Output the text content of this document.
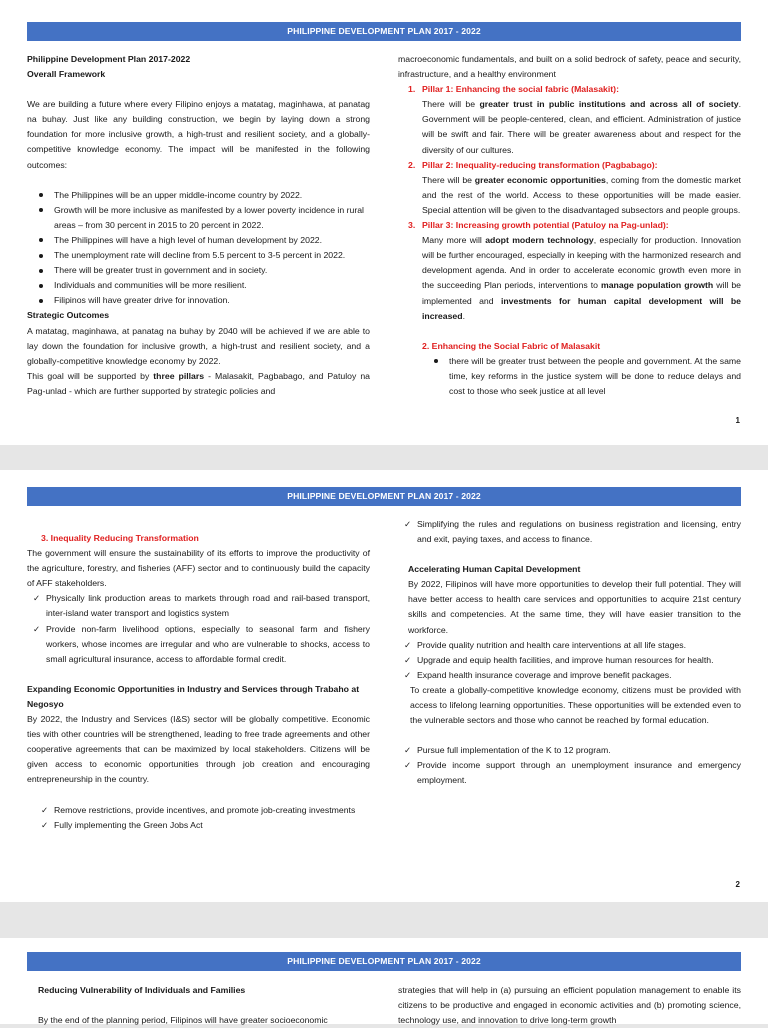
PHILIPPINE DEVELOPMENT PLAN 2017 - 2022

Philippine Development Plan 2017-2022

Overall Framework

We are building a future where every Filipino enjoys a matatag, maginhawa, at panatag na buhay. Just like any building construction, we begin by laying down a strong foundation for more inclusive growth, a high-trust and resilient society, and a globally-competitive knowledge economy. The impact will be manifested in the following outcomes:

The Philippines will be an upper middle-income country by 2022.
Growth will be more inclusive as manifested by a lower poverty incidence in rural areas – from 30 percent in 2015 to 20 percent in 2022.
The Philippines will have a high level of human development by 2022.
The unemployment rate will decline from 5.5 percent to 3-5 percent in 2022.
There will be greater trust in government and in society.
Individuals and communities will be more resilient.
Filipinos will have greater drive for innovation.

Strategic Outcomes

A matatag, maginhawa, at panatag na buhay by 2040 will be achieved if we are able to lay down the foundation for inclusive growth, a high-trust and resilient society, and a globally-competitive knowledge economy by 2022.

This goal will be supported by three pillars - Malasakit, Pagbabago, and Patuloy na Pag-unlad - which are further supported by strategic policies and

macroeconomic fundamentals, and built on a solid bedrock of safety, peace and security, infrastructure, and a healthy environment

1. Pillar 1: Enhancing the social fabric (Malasakit):

There will be greater trust in public institutions and across all of society. Government will be people-centered, clean, and efficient. Administration of justice will be swift and fair. There will be greater awareness about and respect for the diversity of our cultures.

2. Pillar 2: Inequality-reducing transformation (Pagbabago):

There will be greater economic opportunities, coming from the domestic market and the rest of the world. Access to these opportunities will be made easier. Special attention will be given to the disadvantaged subsectors and people groups.

3. Pillar 3: Increasing growth potential (Patuloy na Pag-unlad):

Many more will adopt modern technology, especially for production. Innovation will be further encouraged, especially in keeping with the harmonized research and development agenda. And in order to accelerate economic growth even more in the succeeding Plan periods, interventions to manage population growth will be implemented and investments for human capital development will be increased.

2. Enhancing the Social Fabric of Malasakit

there will be greater trust between the people and government. At the same time, key reforms in the justice system will be done to reduce delays and cost to those who seek justice at all level
1
PHILIPPINE DEVELOPMENT PLAN 2017 - 2022

3. Inequality Reducing Transformation

The government will ensure the sustainability of its efforts to improve the productivity of the agriculture, forestry, and fisheries (AFF) sector and to continuously build the capacity of AFF stakeholders.

✓ Physically link production areas to markets through road and rail-based transport, inter-island water transport and logistics system
✓ Provide non-farm livelihood options, especially to seasonal farm and fishery workers, whose incomes are irregular and who are vulnerable to shocks, access to small agricultural insurance, access to affordable formal credit.

Expanding Economic Opportunities in Industry and Services through Trabaho at Negosyo

By 2022, the Industry and Services (I&S) sector will be globally competitive. Economic ties with other countries will be strengthened, leading to free trade agreements and other cooperative agreements that can be maximized by local stakeholders. Citizens will be given access to economic opportunities through job creation and encouraging entrepreneurship in the country.

✓ Remove restrictions, provide incentives, and promote job-creating investments
✓ Fully implementing the Green Jobs Act
✓ Simplifying the rules and regulations on business registration and licensing, entry and exit, paying taxes, and access to finance.

Accelerating Human Capital Development

By 2022, Filipinos will have more opportunities to develop their full potential. They will have better access to health care services and opportunities to acquire 21st century skills and competencies. At the same time, they will have easier transition to the workforce.

✓ Provide quality nutrition and health care interventions at all life stages.
✓ Upgrade and equip health facilities, and improve human resources for health.
✓ Expand health insurance coverage and improve benefit packages.

To create a globally-competitive knowledge economy, citizens must be provided with access to lifelong learning opportunities. These opportunities will be extended even to the vulnerable sectors and those who cannot be reached by formal education.

✓ Pursue full implementation of the K to 12 program.
✓ Provide income support through an unemployment insurance and emergency employment.
2
PHILIPPINE DEVELOPMENT PLAN 2017 - 2022

Reducing Vulnerability of Individuals and Families

By the end of the planning period, Filipinos will have greater socioeconomic

strategies that will help in (a) pursuing an efficient population management to enable its citizens to be productive and engaged in economic activities and (b) promoting science, technology use, and innovation to drive long-term growth
